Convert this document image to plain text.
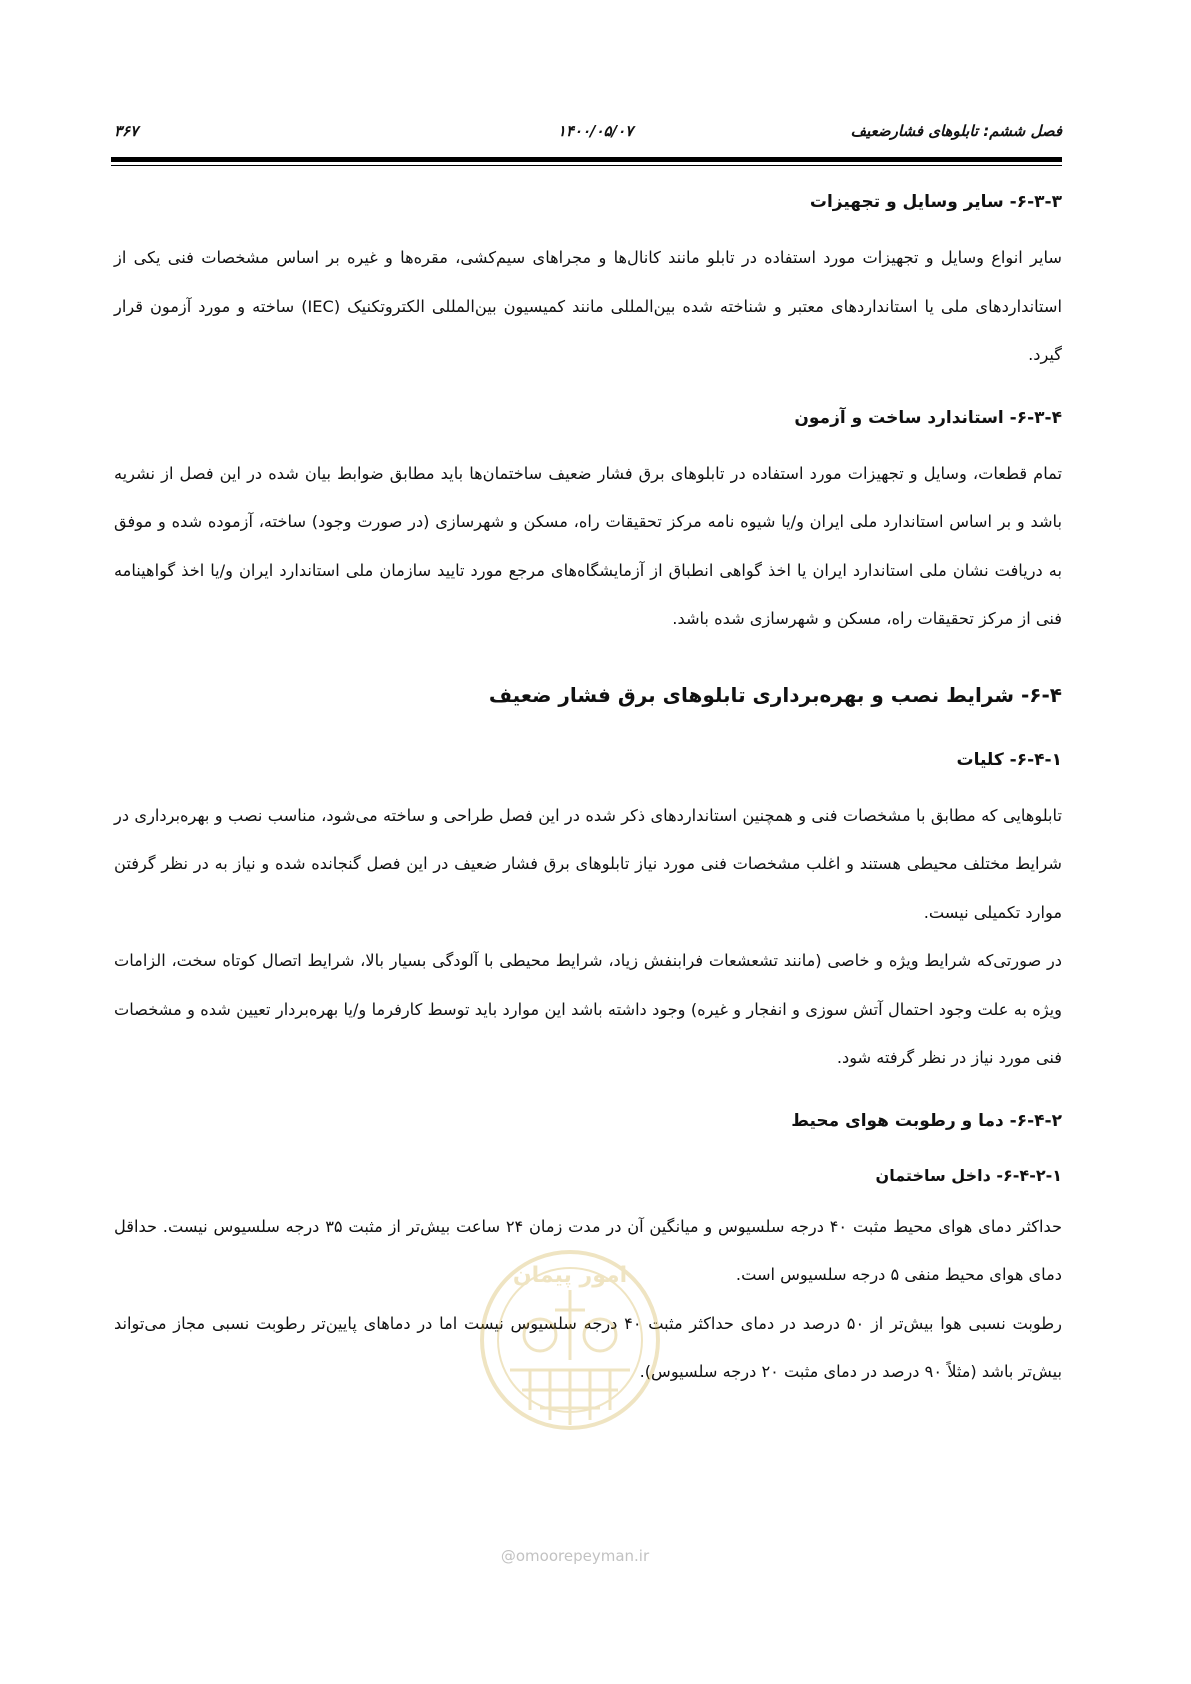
فصل ششم: تابلوهای فشارضعیف
۱۴۰۰/۰۵/۰۷
۳۶۷
۶-۳-۳- سایر وسایل و تجهیزات

سایر انواع وسایل و تجهیزات مورد استفاده در تابلو مانند کانال‌ها و مجراهای سیم‌کشی، مقره‌ها و غیره بر اساس مشخصات فنی یکی از استانداردهای ملی یا استانداردهای معتبر و شناخته شده بین‌المللی مانند کمیسیون بین‌المللی الکتروتکنیک (IEC) ساخته و مورد آزمون قرار گیرد.

۶-۳-۴- استاندارد ساخت و آزمون

تمام قطعات، وسایل و تجهیزات مورد استفاده در تابلوهای برق فشار ضعیف ساختمان‌ها باید مطابق ضوابط بیان شده در این فصل از نشریه باشد و بر اساس استاندارد ملی ایران و/یا شیوه نامه مرکز تحقیقات راه، مسکن و شهرسازی (در صورت وجود) ساخته، آزموده شده و موفق به دریافت نشان ملی استاندارد ایران یا اخذ گواهی انطباق از آزمایشگاه‌های مرجع مورد تایید سازمان ملی استاندارد ایران و/یا اخذ گواهینامه فنی از مرکز تحقیقات راه، مسکن و شهرسازی شده باشد.

۶-۴- شرایط نصب و بهره‌برداری تابلوهای برق فشار ضعیف
۶-۴-۱- کلیات

تابلوهایی که مطابق با مشخصات فنی و همچنین استانداردهای ذکر شده در این فصل طراحی و ساخته می‌شود، مناسب نصب و بهره‌برداری در شرایط مختلف محیطی هستند و اغلب مشخصات فنی مورد نیاز تابلوهای برق فشار ضعیف در این فصل گنجانده شده و نیاز به در نظر گرفتن موارد تکمیلی نیست.

در صورتی‌که شرایط ویژه و خاصی (مانند تشعشعات فرابنفش زیاد، شرایط محیطی با آلودگی بسیار بالا، شرایط اتصال کوتاه سخت، الزامات ویژه به علت وجود احتمال آتش سوزی و انفجار و غیره) وجود داشته باشد این موارد باید توسط کارفرما و/یا بهره‌بردار تعیین شده و مشخصات فنی مورد نیاز در نظر گرفته شود.

۶-۴-۲- دما و رطوبت هوای محیط
۶-۴-۲-۱- داخل ساختمان

حداکثر دمای هوای محیط مثبت ۴۰ درجه سلسیوس و میانگین آن در مدت زمان ۲۴ ساعت بیش‌تر از مثبت ۳۵ درجه سلسیوس نیست. حداقل دمای هوای محیط منفی ۵ درجه سلسیوس است.

رطوبت نسبی هوا بیش‌تر از ۵۰ درصد در دمای حداکثر مثبت ۴۰ درجه سلسیوس نیست اما در دماهای پایین‌تر رطوبت نسبی مجاز می‌تواند بیش‌تر باشد (مثلاً ۹۰ درصد در دمای مثبت ۲۰ درجه سلسیوس).

امور پیمان
@omoorepeyman.ir
